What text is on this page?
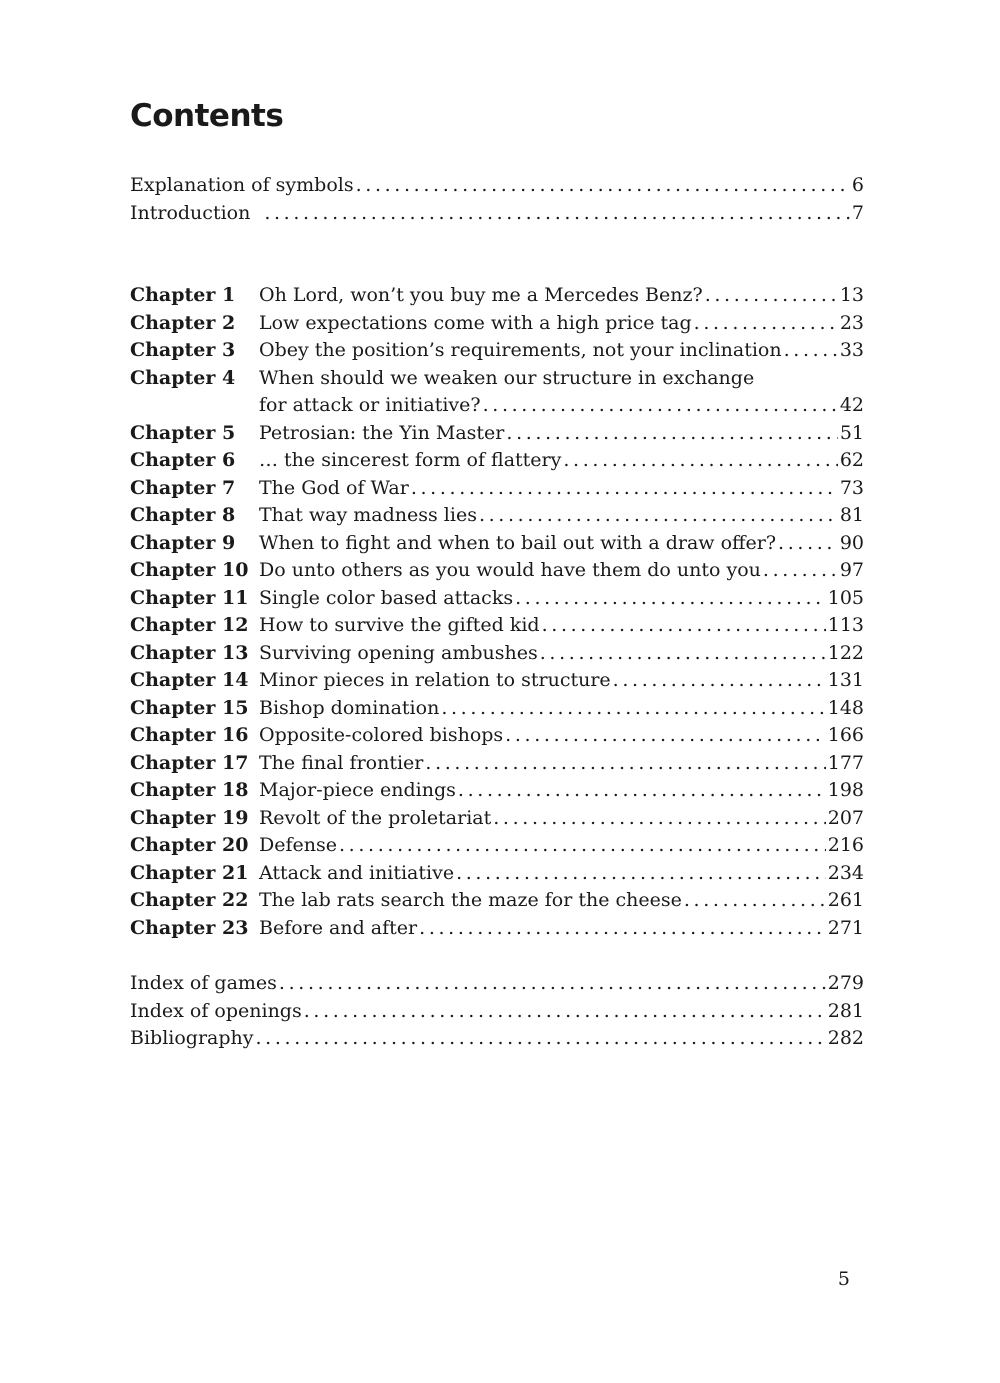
Contents
Explanation of symbols . . .	6
Introduction . . .	7
Chapter 1	Oh Lord, won’t you buy me a Mercedes Benz? . . .	13
Chapter 2	Low expectations come with a high price tag . . .	23
Chapter 3	Obey the position’s requirements, not your inclination . . .	33
Chapter 4	When should we weaken our structure in exchange
for attack or initiative? . . .	42
Chapter 5	Petrosian: the Yin Master . . .	51
Chapter 6	… the sincerest form of flattery . . .	62
Chapter 7	The God of War . . .	73
Chapter 8	That way madness lies . . .	81
Chapter 9	When to fight and when to bail out with a draw offer? . . .	90
Chapter 10 Do unto others as you would have them do unto you . . .	97
Chapter 11 Single color based attacks . . .	105
Chapter 12 How to survive the gifted kid . . .	113
Chapter 13 Surviving opening ambushes . . .	122
Chapter 14 Minor pieces in relation to structure . . .	131
Chapter 15 Bishop domination . . .	148
Chapter 16 Opposite-colored bishops . . .	166
Chapter 17 The final frontier . . .	177
Chapter 18 Major-piece endings . . .	198
Chapter 19 Revolt of the proletariat . . .	207
Chapter 20 Defense . . .	216
Chapter 21 Attack and initiative . . .	234
Chapter 22 The lab rats search the maze for the cheese . . .	261
Chapter 23 Before and after . . .	271
Index of games . . .	279
Index of openings . . .	281
Bibliography . . .	282
5
